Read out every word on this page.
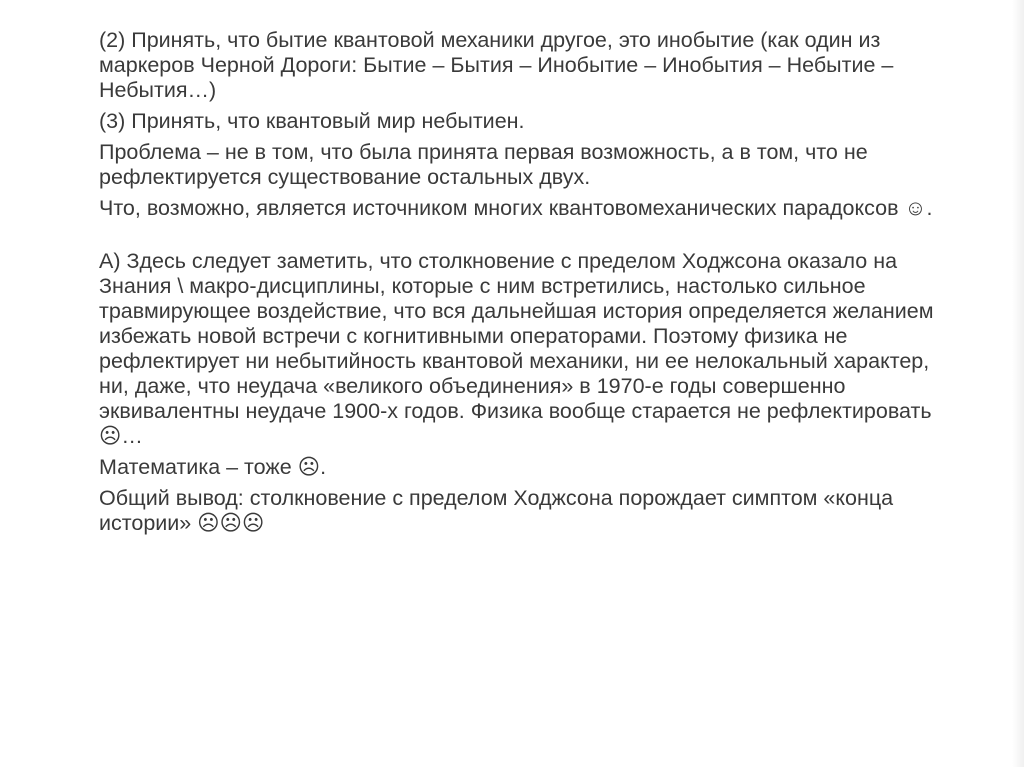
(2) Принять, что бытие квантовой механики другое, это инобытие (как один из маркеров Черной Дороги: Бытие – Бытия – Инобытие – Инобытия – Небытие – Небытия…)

(3) Принять, что квантовый мир небытиен.

Проблема – не в том, что была принята первая возможность, а в том, что не рефлектируется существование остальных двух.

Что, возможно, является источником многих квантовомеханических парадоксов ☺.

А) Здесь следует заметить, что столкновение с пределом Ходжсона оказало на Знания \ макро-дисциплины, которые с ним встретились, настолько сильное травмирующее воздействие, что вся дальнейшая история определяется желанием избежать новой встречи с когнитивными операторами. Поэтому физика не рефлектирует ни небытийность квантовой механики, ни ее нелокальный характер, ни, даже, что неудача «великого объединения» в 1970-е годы совершенно эквивалентны неудаче 1900-х годов. Физика вообще старается не рефлектировать ☹…

Математика – тоже ☹.

Общий вывод: столкновение с пределом Ходжсона порождает симптом «конца истории» ☹☹☹
